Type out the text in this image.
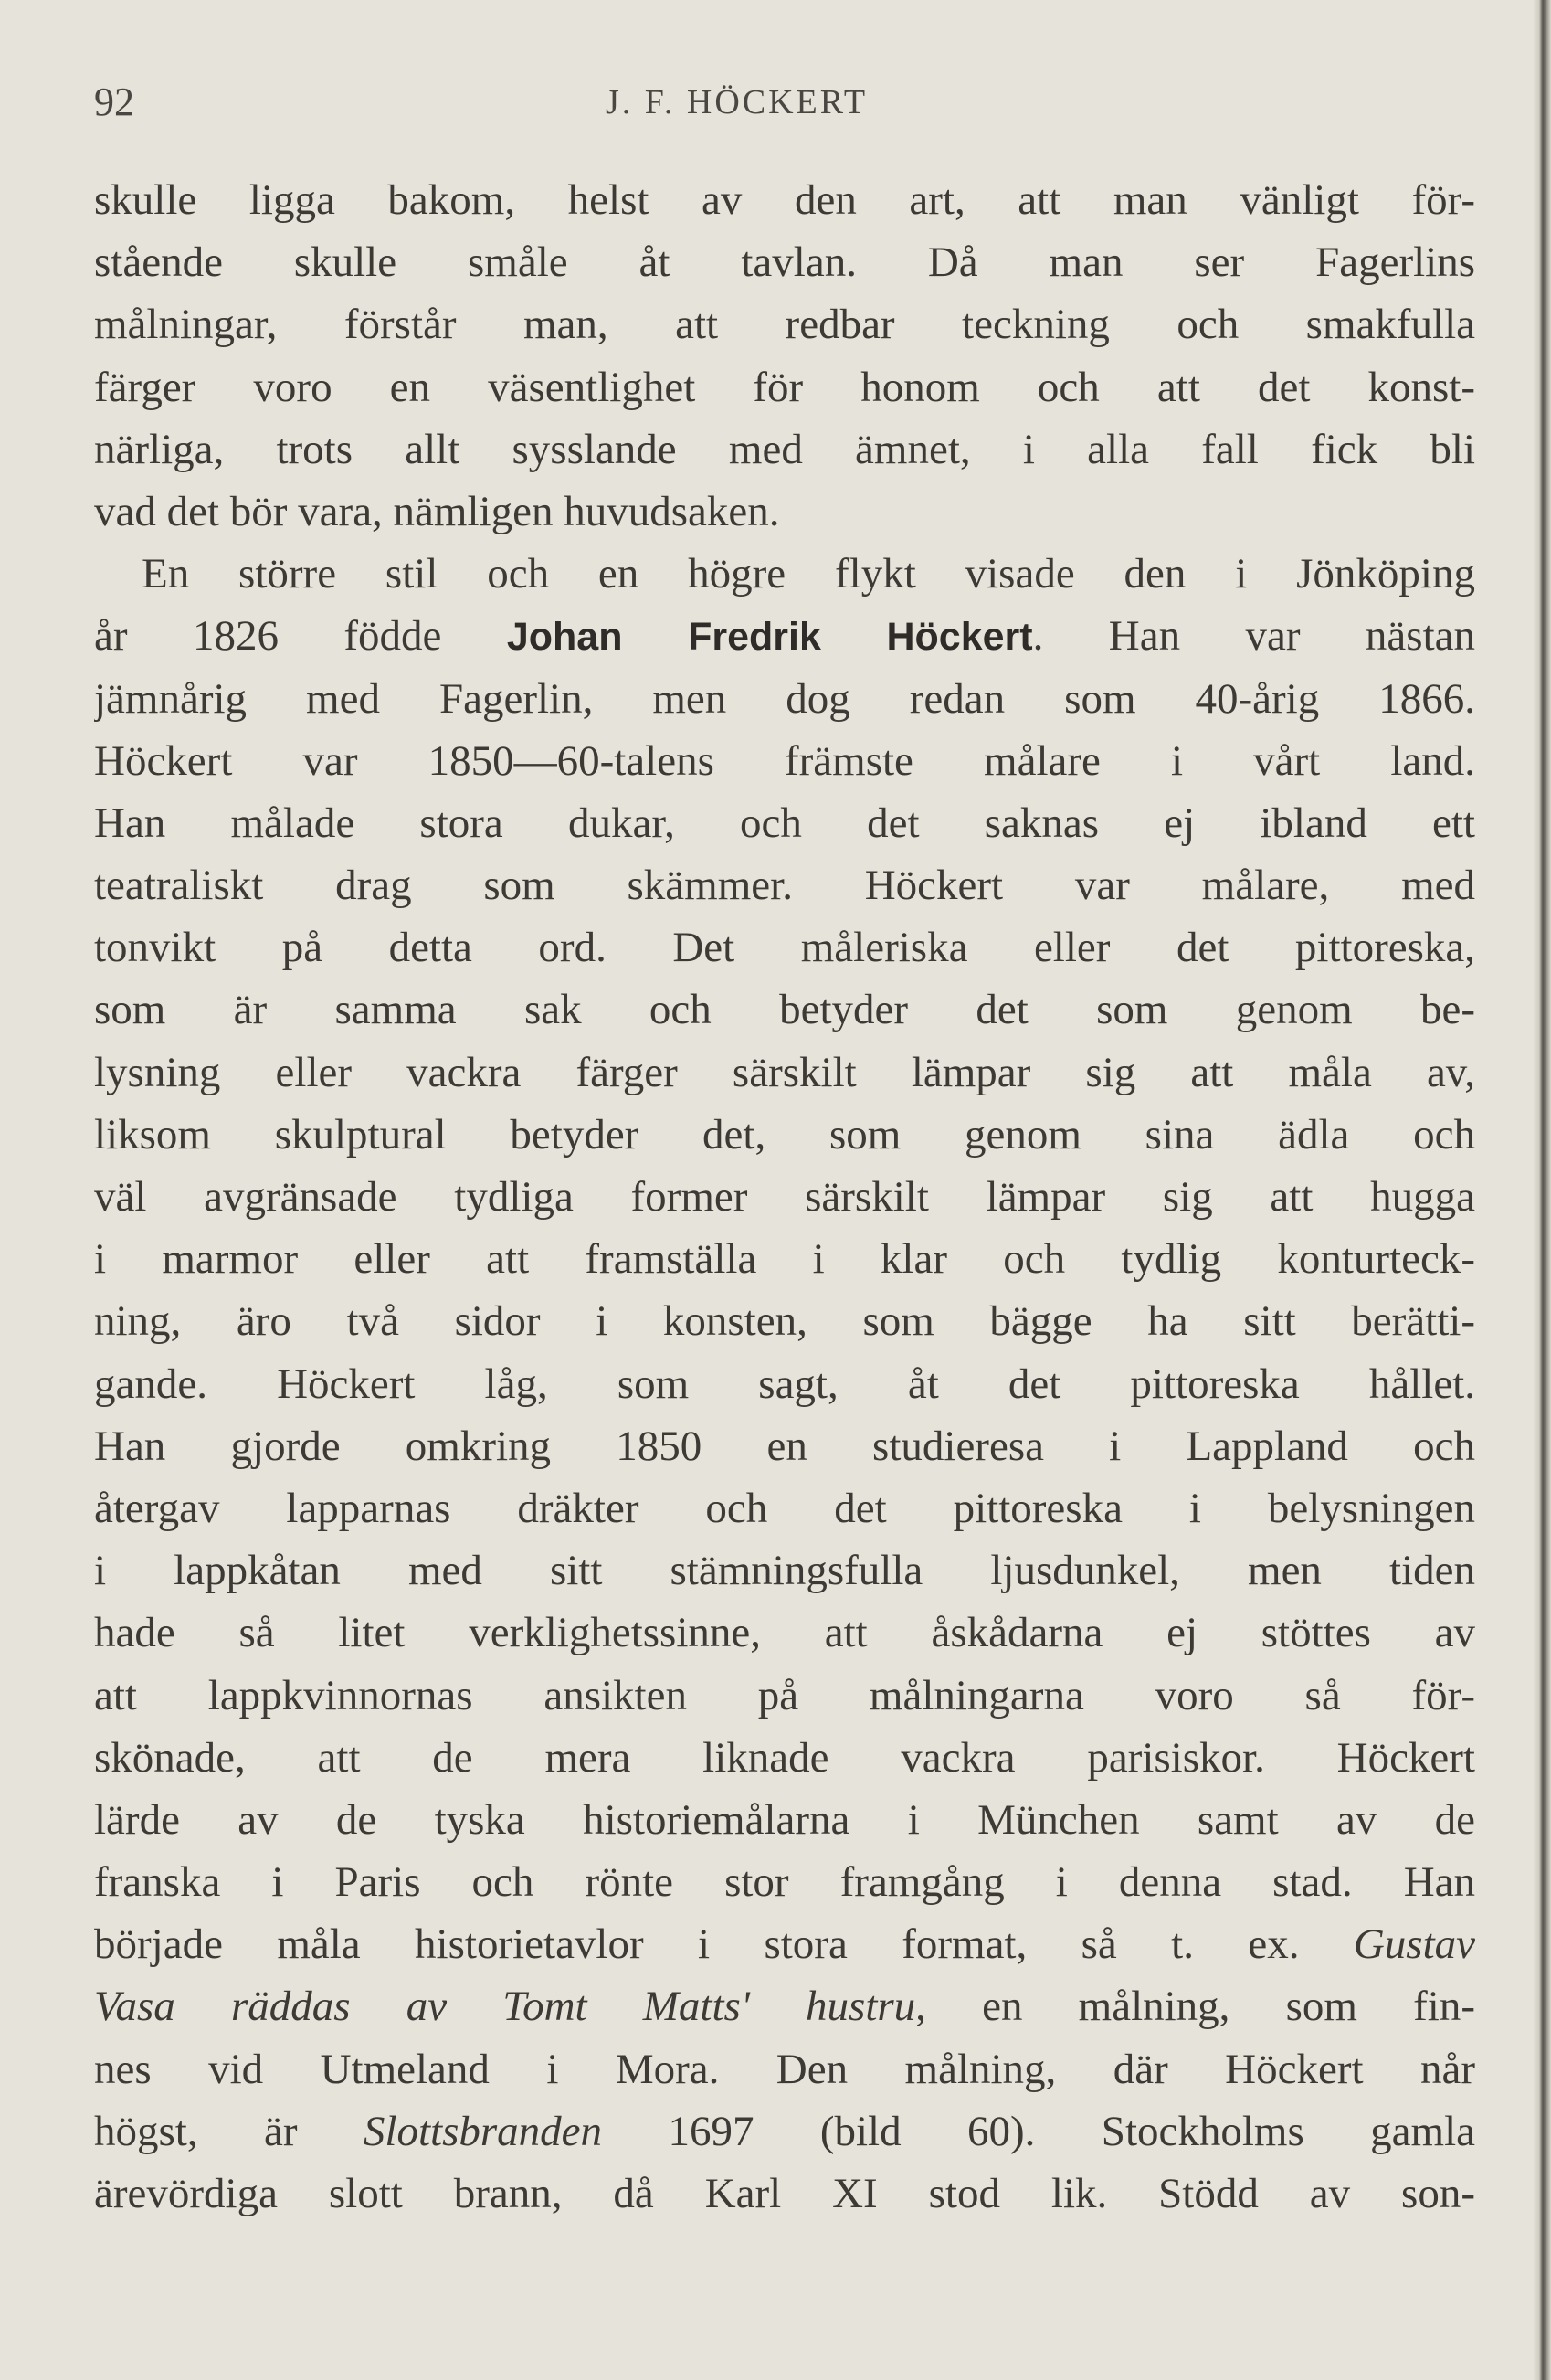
92	J. F. HÖCKERT
skulle ligga bakom, helst av den art, att man vänligt för-
stående skulle småle åt tavlan. Då man ser Fagerlins
målningar, förstår man, att redbar teckning och smakfulla
färger voro en väsentlighet för honom och att det konst-
närliga, trots allt sysslande med ämnet, i alla fall fick bli
vad det bör vara, nämligen huvudsaken.
En större stil och en högre flykt visade den i Jönköping
år 1826 födde Johan Fredrik Höckert. Han var nästan
jämnårig med Fagerlin, men dog redan som 40-årig 1866.
Höckert var 1850—60-talens främste målare i vårt land.
Han målade stora dukar, och det saknas ej ibland ett
teatraliskt drag som skämmer. Höckert var målare, med
tonvikt på detta ord. Det måleriska eller det pittoreska,
som är samma sak och betyder det som genom be-
lysning eller vackra färger särskilt lämpar sig att måla av,
liksom skulptural betyder det, som genom sina ädla och
väl avgränsade tydliga former särskilt lämpar sig att hugga
i marmor eller att framställa i klar och tydlig konturteck-
ning, äro två sidor i konsten, som bägge ha sitt berätti-
gande. Höckert låg, som sagt, åt det pittoreska hållet.
Han gjorde omkring 1850 en studieresa i Lappland och
återgav lapparnas dräkter och det pittoreska i belysningen
i lappkåtan med sitt stämningsfulla ljusdunkel, men tiden
hade så litet verklighetssinne, att åskådarna ej stöttes av
att lappkvinnornas ansikten på målningarna voro så för-
skönade, att de mera liknade vackra parisiskor. Höckert
lärde av de tyska historiemålarna i München samt av de
franska i Paris och rönte stor framgång i denna stad. Han
började måla historietavlor i stora format, så t. ex. Gustav
Vasa räddas av Tomt Matts' hustru, en målning, som fin-
nes vid Utmeland i Mora. Den målning, där Höckert når
högst, är Slottsbranden 1697 (bild 60). Stockholms gamla
ärevördiga slott brann, då Karl XI stod lik. Stödd av son-
